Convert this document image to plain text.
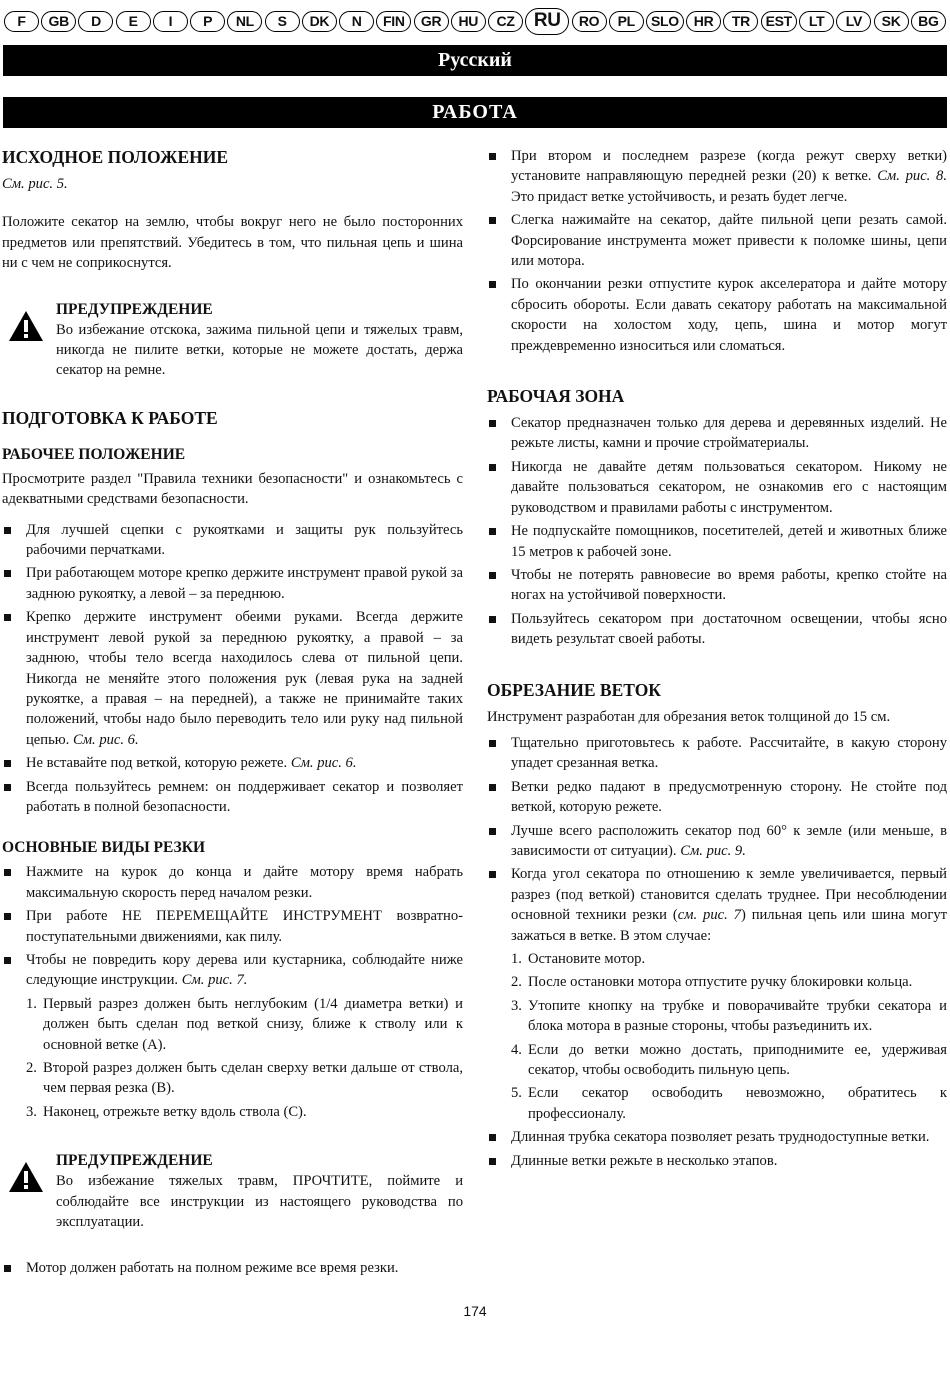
F	GB	D	E	I	P	NL	S	DK	N	FIN	GR	HU	CZ	RU	RO	PL	SLO	HR	TR	EST	LT	LV	SK	BG
Русский
РАБОТА
ИСХОДНОЕ ПОЛОЖЕНИЕ

См. рис. 5.

Положите секатор на землю, чтобы вокруг него не было посторонних предметов или препятствий. Убедитесь в том, что пильная цепь и шина ни с чем не соприкоснутся.

ПРЕДУПРЕЖДЕНИЕ

Во избежание отскока, зажима пильной цепи и тяжелых травм, никогда не пилите ветки, которые не можете достать, держа секатор на ремне.

ПОДГОТОВКА К РАБОТЕ
РАБОЧЕЕ ПОЛОЖЕНИЕ

Просмотрите раздел "Правила техники безопасности" и ознакомьтесь с адекватными средствами безопасности.

Для лучшей сцепки с рукоятками и защиты рук пользуйтесь рабочими перчатками.
При работающем моторе крепко держите инструмент правой рукой за заднюю рукоятку, а левой – за переднюю.
Крепко держите инструмент обеими руками. Всегда держите инструмент левой рукой за переднюю рукоятку, а правой – за заднюю, чтобы тело всегда находилось слева от пильной цепи. Никогда не меняйте этого положения рук (левая рука на задней рукоятке, а правая – на передней), а также не принимайте таких положений, чтобы надо было переводить тело или руку над пильной цепью. См. рис. 6.
Не вставайте под веткой, которую режете. См. рис. 6.
Всегда пользуйтесь ремнем: он поддерживает секатор и позволяет работать в полной безопасности.
ОСНОВНЫЕ ВИДЫ РЕЗКИ
Нажмите на курок до конца и дайте мотору время набрать максимальную скорость перед началом резки.
При работе НЕ ПЕРЕМЕЩАЙТЕ ИНСТРУМЕНТ возвратно-поступательными движениями, как пилу.
Чтобы не повредить кору дерева или кустарника, соблюдайте ниже следующие инструкции. См. рис. 7.
1. Первый разрез должен быть неглубоким (1/4 диаметра ветки) и должен быть сделан под веткой снизу, ближе к стволу или к основной ветке (A).
2. Второй разрез должен быть сделан сверху ветки дальше от ствола, чем первая резка (B).
3. Наконец, отрежьте ветку вдоль ствола (C).
ПРЕДУПРЕЖДЕНИЕ

Во избежание тяжелых травм, ПРОЧТИТЕ, поймите и соблюдайте все инструкции из настоящего руководства по эксплуатации.

Мотор должен работать на полном режиме все время резки.
При втором и последнем разрезе (когда режут сверху ветки) установите направляющую передней резки (20) к ветке. См. рис. 8. Это придаст ветке устойчивость, и резать будет легче.
Слегка нажимайте на секатор, дайте пильной цепи резать самой. Форсирование инструмента может привести к поломке шины, цепи или мотора.
По окончании резки отпустите курок акселератора и дайте мотору сбросить обороты. Если давать секатору работать на максимальной скорости на холостом ходу, цепь, шина и мотор могут преждевременно износиться или сломаться.
РАБОЧАЯ ЗОНА
Секатор предназначен только для дерева и деревянных изделий. Не режьте листы, камни и прочие стройматериалы.
Никогда не давайте детям пользоваться секатором. Никому не давайте пользоваться секатором, не ознакомив его с настоящим руководством и правилами работы с инструментом.
Не подпускайте помощников, посетителей, детей и животных ближе 15 метров к рабочей зоне.
Чтобы не потерять равновесие во время работы, крепко стойте на ногах на устойчивой поверхности.
Пользуйтесь секатором при достаточном освещении, чтобы ясно видеть результат своей работы.
ОБРЕЗАНИЕ ВЕТОК

Инструмент разработан для обрезания веток толщиной до 15 см.

Тщательно приготовьтесь к работе. Рассчитайте, в какую сторону упадет срезанная ветка.
Ветки редко падают в предусмотренную сторону. Не стойте под веткой, которую режете.
Лучше всего расположить секатор под 60° к земле (или меньше, в зависимости от ситуации). См. рис. 9.
Когда угол секатора по отношению к земле увеличивается, первый разрез (под веткой) становится сделать труднее. При несоблюдении основной техники резки (см. рис. 7) пильная цепь или шина могут зажаться в ветке. В этом случае:
1. Остановите мотор.
2. После остановки мотора отпустите ручку блокировки кольца.
3. Утопите кнопку на трубке и поворачивайте трубки секатора и блока мотора в разные стороны, чтобы разъединить их.
4. Если до ветки можно достать, приподнимите ее, удерживая секатор, чтобы освободить пильную цепь.
5. Если секатор освободить невозможно, обратитесь к профессионалу.
Длинная трубка секатора позволяет резать труднодоступные ветки.
Длинные ветки режьте в несколько этапов.
174
